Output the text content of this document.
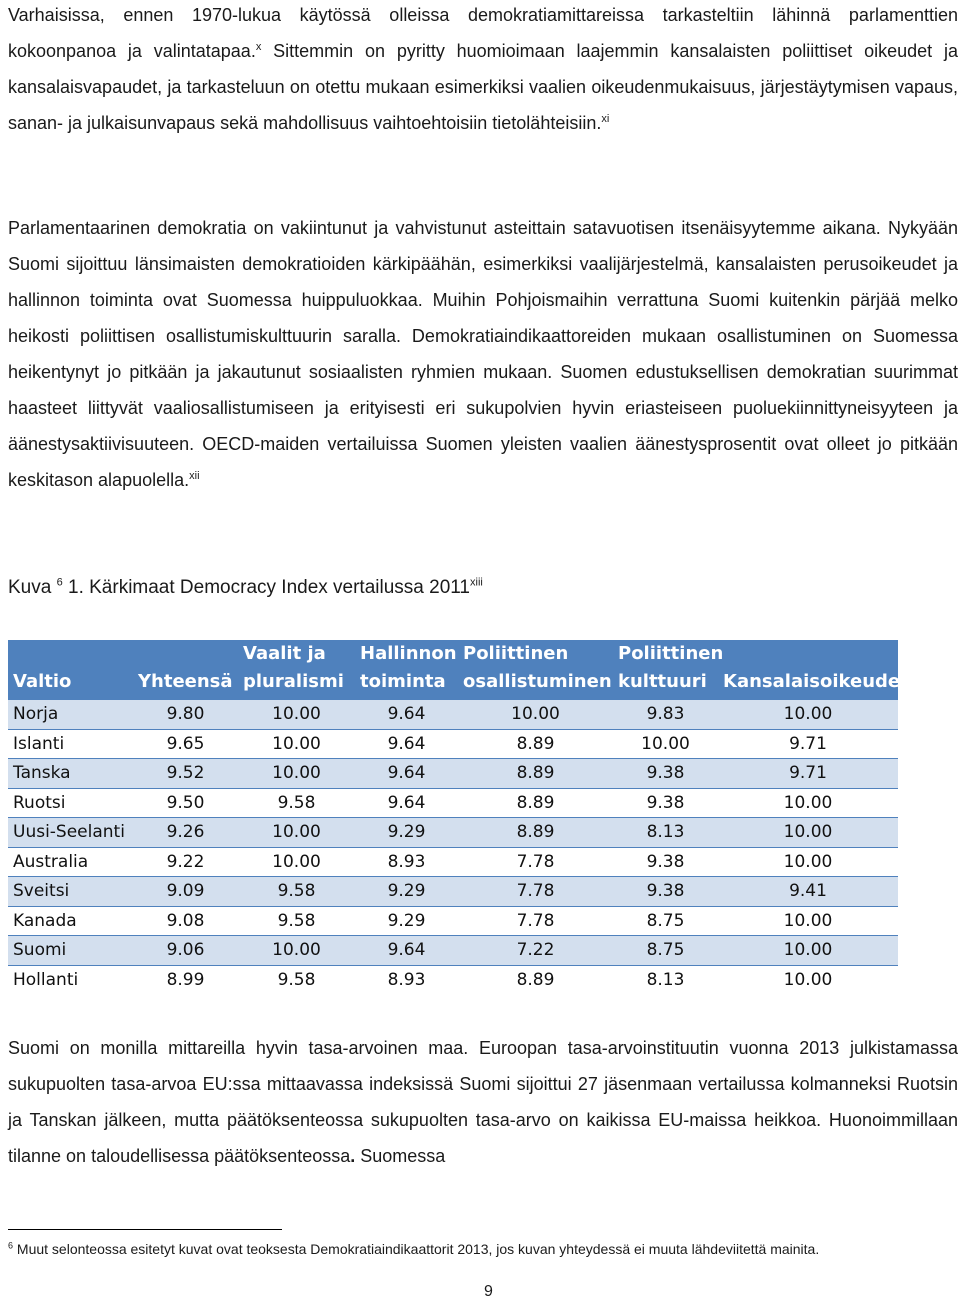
Varhaisissa, ennen 1970-lukua käytössä olleissa demokratiamittareissa tarkasteltiin lähinnä parlamenttien kokoonpanoa ja valintatapaa.$^x$ Sittemmin on pyritty huomioimaan laajemmin kansalaisten poliittiset oikeudet ja kansalaisvapaudet, ja tarkasteluun on otettu mukaan esimerkiksi vaalien oikeudenmukaisuus, järjestäytymisen vapaus, sanan- ja julkaisunvapaus sekä mahdollisuus vaihtoehtoisiin tietolähteisiin.$^{xi}$

Parlamentaarinen demokratia on vakiintunut ja vahvistunut asteittain satavuotisen itsenäisyytemme aikana. Nykyään Suomi sijoittuu länsimaisten demokratioiden kärkipäähän, esimerkiksi vaalijärjestelmä, kansalaisten perusoikeudet ja hallinnon toiminta ovat Suomessa huippuluokkaa. Muihin Pohjoismaihin verrattuna Suomi kuitenkin pärjää melko heikosti poliittisen osallistumiskulttuurin saralla. Demokratiaindikaattoreiden mukaan osallistuminen on Suomessa heikentynyt jo pitkään ja jakautunut sosiaalisten ryhmien mukaan. Suomen edustuksellisen demokratian suurimmat haasteet liittyvät vaaliosallistumiseen ja erityisesti eri sukupolvien hyvin eriasteiseen puoluekiinnittyneisyyteen ja äänestysaktiivisuuteen. OECD-maiden vertailuissa Suomen yleisten vaalien äänestysprosentit ovat olleet jo pitkään keskitason alapuolella.$^{xii}$

Kuva $^6$ 1. Kärkimaat Democracy Index vertailussa 2011$^{xiii}$

Valtio	Yhteensä	Vaalit ja pluralismi	Hallinnon toiminta	Poliittinen osallistuminen	Poliittinen kulttuuri	Kansalaisoikeudet
Norja	9.80	10.00	9.64	10.00	9.83	10.00
Islanti	9.65	10.00	9.64	8.89	10.00	9.71
Tanska	9.52	10.00	9.64	8.89	9.38	9.71
Ruotsi	9.50	9.58	9.64	8.89	9.38	10.00
Uusi-Seelanti	9.26	10.00	9.29	8.89	8.13	10.00
Australia	9.22	10.00	8.93	7.78	9.38	10.00
Sveitsi	9.09	9.58	9.29	7.78	9.38	9.41
Kanada	9.08	9.58	9.29	7.78	8.75	10.00
Suomi	9.06	10.00	9.64	7.22	8.75	10.00
Hollanti	8.99	9.58	8.93	8.89	8.13	10.00

Suomi on monilla mittareilla hyvin tasa-arvoinen maa. Euroopan tasa-arvoinstituutin vuonna 2013 julkistamassa sukupuolten tasa-arvoa EU:ssa mittaavassa indeksissä Suomi sijoittui 27 jäsenmaan vertailussa kolmanneksi Ruotsin ja Tanskan jälkeen, mutta päätöksenteossa sukupuolten tasa-arvo on kaikissa EU-maissa heikkoa. Huonoimmillaan tilanne on taloudellisessa päätöksenteossa. Suomessa

$^6$ Muut selonteossa esitetyt kuvat ovat teoksesta Demokratiaindikaattorit 2013, jos kuvan yhteydessä ei muuta lähdeviitettä mainita.

9
